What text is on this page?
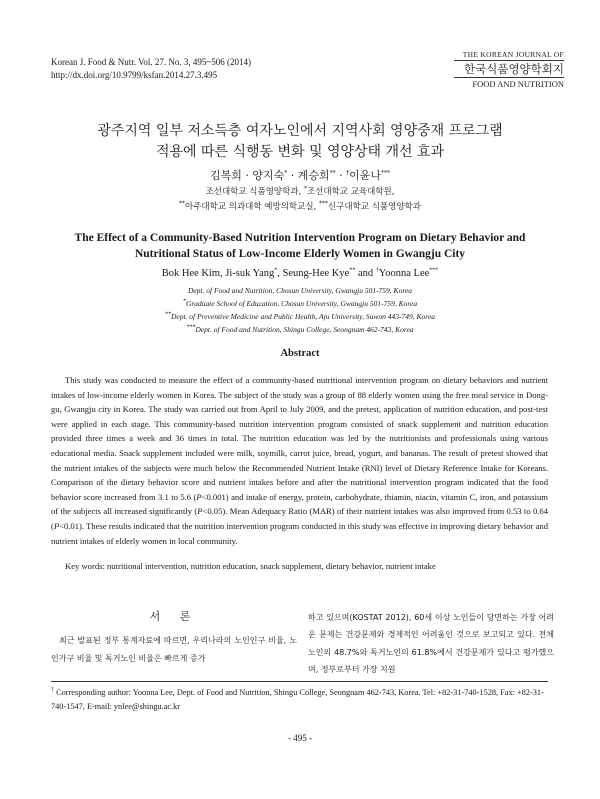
Korean J. Food & Nutr. Vol. 27. No. 3, 495~506 (2014)
http://dx.doi.org/10.9799/ksfan.2014.27.3.495
THE KOREAN JOURNAL OF
한국식품영양학회지
FOOD AND NUTRITION
광주지역 일부 저소득층 여자노인에서 지역사회 영양중재 프로그램
적용에 따른 식행동 변화 및 영양상태 개선 효과
김복희 · 양지숙* · 계승희** · †이윤나***
조선대학교 식품영양학과, *조선대학교 교육대학원,
**아주대학교 의과대학 예방의학교실, ***신구대학교 식품영양학과
The Effect of a Community-Based Nutrition Intervention Program on Dietary Behavior and
Nutritional Status of Low-Income Elderly Women in Gwangju City
Bok Hee Kim, Ji-suk Yang*, Seung-Hee Kye** and †Yoonna Lee***
Dept. of Food and Nutrition, Chosun University, Gwangju 501-759, Korea
*Graduate School of Education, Chosun University, Gwangju 501-759, Korea
**Dept. of Preventive Medicine and Public Health, Aju University, Suwon 443-749, Korea
***Dept. of Food and Nutrition, Shingu College, Seongnam 462-743, Korea
Abstract
This study was conducted to measure the effect of a community-based nutritional intervention program on dietary behaviors and nutrient intakes of low-income elderly women in Korea. The subject of the study was a group of 88 elderly women using the free meal service in Dong-gu, Gwangju city in Korea. The study was carried out from April to July 2009, and the pretest, application of nutrition education, and post-test were applied in each stage. This community-based nutrition intervention program consisted of snack supplement and nutrition education provided three times a week and 36 times in total. The nutrition education was led by the nutritionists and professionals using various educational media. Snack supplement included were milk, soymilk, carrot juice, bread, yogurt, and bananas. The result of pretest showed that the nutrient intakes of the subjects were much below the Recommended Nutrient Intake (RNI) level of Dietary Reference Intake for Koreans. Comparison of the dietary behavior score and nutrient intakes before and after the nutritional intervention program indicated that the food behavior score increased from 3.1 to 5.6 (P<0.001) and intake of energy, protein, carbohydrate, thiamin, niacin, vitamin C, iron, and potassium of the subjects all increased significantly (P<0.05). Mean Adequacy Ratio (MAR) of their nutrient intakes was also improved from 0.53 to 0.64 (P<0.01). These results indicated that the nutrition intervention program conducted in this study was effective in improving dietary behavior and nutrient intakes of elderly women in local community.
Key words: nutritional intervention, nutrition education, snack supplement, dietary behavior, nutrient intake
서 론
최근 발표된 정부 통계자료에 따르면, 우리나라의 노인인구 비율, 노인가구 비율 및 독거노인 비율은 빠르게 증가
하고 있으며(KOSTAT 2012), 60세 이상 노인들이 당면하는 가장 어려운 문제는 건강문제와 경제적인 어려움인 것으로 보고되고 있다. 전체 노인의 48.7%와 독거노인의 61.8%에서 건강문제가 있다고 평가했으며, 정부로부터 가장 지원
† Corresponding author: Yoonna Lee, Dept. of Food and Nutrition, Shingu College, Seongnam 462-743, Korea. Tel: +82-31-740-1528, Fax: +82-31-740-1547, E-mail: ynlee@shingu.ac.kr
- 495 -
